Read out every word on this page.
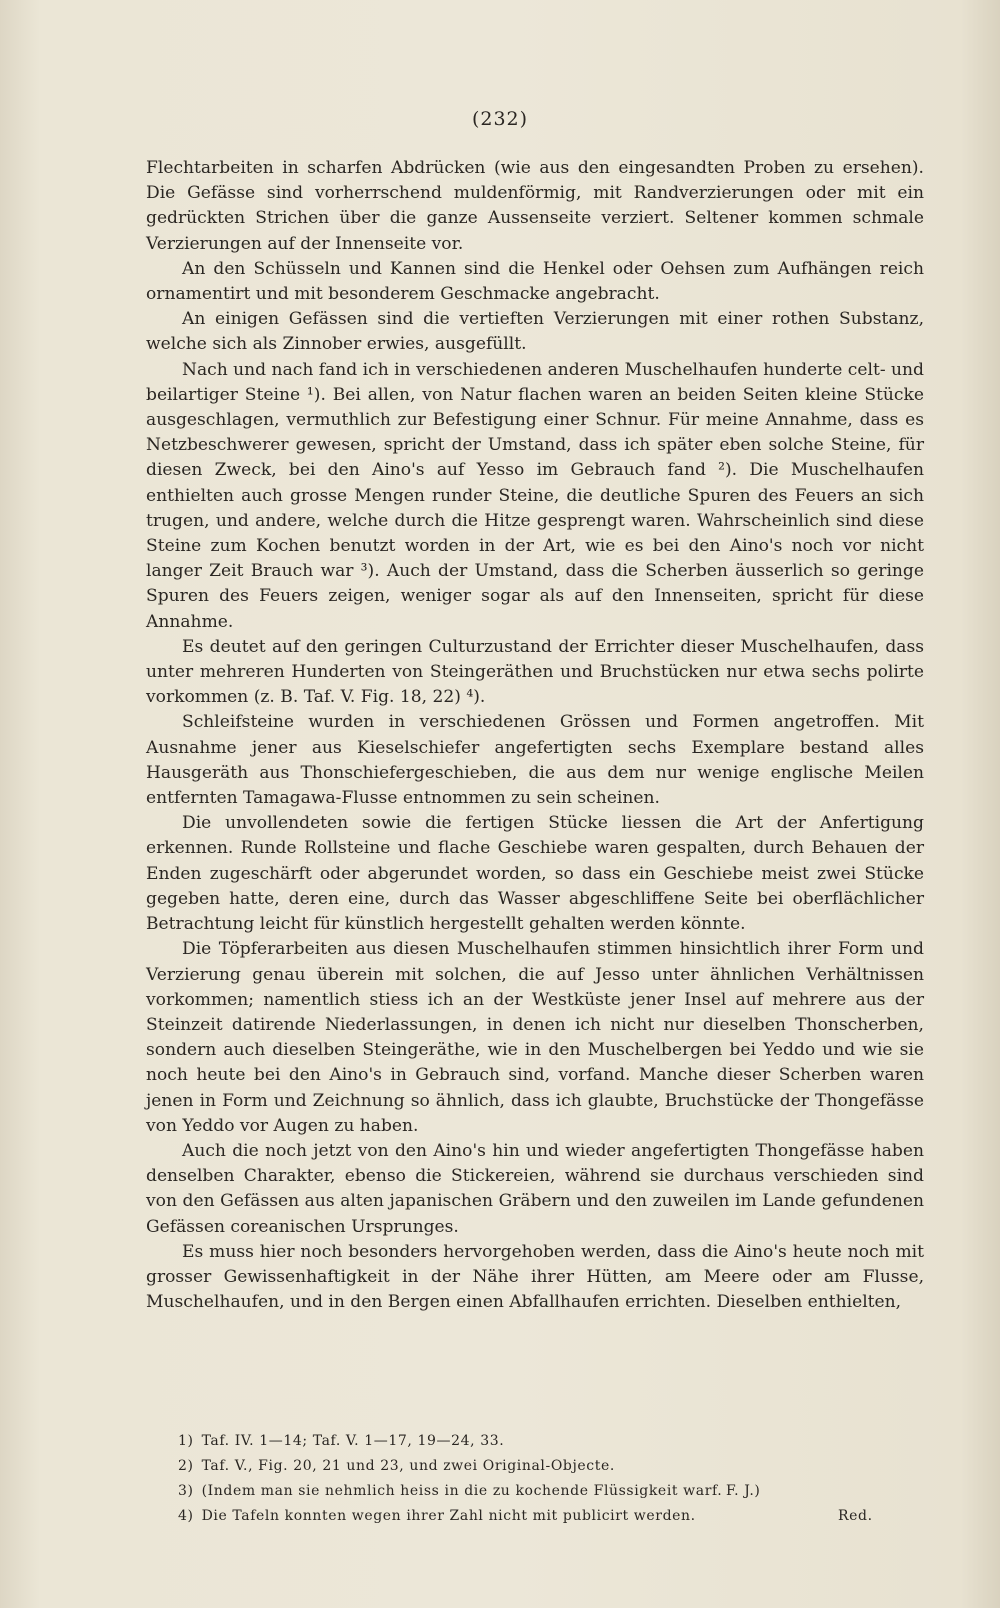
(232)

Flechtarbeiten in scharfen Abdrücken (wie aus den eingesandten Proben zu ersehen). Die Gefässe sind vorherrschend muldenförmig, mit Randverzierungen oder mit ein gedrückten Strichen über die ganze Aussenseite verziert. Seltener kommen schmale Verzierungen auf der Innenseite vor.

An den Schüsseln und Kannen sind die Henkel oder Oehsen zum Aufhängen reich ornamentirt und mit besonderem Geschmacke angebracht.

An einigen Gefässen sind die vertieften Verzierungen mit einer rothen Substanz, welche sich als Zinnober erwies, ausgefüllt.

Nach und nach fand ich in verschiedenen anderen Muschelhaufen hunderte celt- und beilartiger Steine ¹). Bei allen, von Natur flachen waren an beiden Seiten kleine Stücke ausgeschlagen, vermuthlich zur Befestigung einer Schnur. Für meine Annahme, dass es Netzbeschwerer gewesen, spricht der Umstand, dass ich später eben solche Steine, für diesen Zweck, bei den Aino's auf Yesso im Gebrauch fand ²). Die Muschelhaufen enthielten auch grosse Mengen runder Steine, die deutliche Spuren des Feuers an sich trugen, und andere, welche durch die Hitze gesprengt waren. Wahrscheinlich sind diese Steine zum Kochen benutzt worden in der Art, wie es bei den Aino's noch vor nicht langer Zeit Brauch war ³). Auch der Umstand, dass die Scherben äusserlich so geringe Spuren des Feuers zeigen, weniger sogar als auf den Innenseiten, spricht für diese Annahme.

Es deutet auf den geringen Culturzustand der Errichter dieser Muschelhaufen, dass unter mehreren Hunderten von Steingeräthen und Bruchstücken nur etwa sechs polirte vorkommen (z. B. Taf. V. Fig. 18, 22) ⁴).

Schleifsteine wurden in verschiedenen Grössen und Formen angetroffen. Mit Ausnahme jener aus Kieselschiefer angefertigten sechs Exemplare bestand alles Hausgeräth aus Thonschiefergeschieben, die aus dem nur wenige englische Meilen entfernten Tamagawa-Flusse entnommen zu sein scheinen.

Die unvollendeten sowie die fertigen Stücke liessen die Art der Anfertigung erkennen. Runde Rollsteine und flache Geschiebe waren gespalten, durch Behauen der Enden zugeschärft oder abgerundet worden, so dass ein Geschiebe meist zwei Stücke gegeben hatte, deren eine, durch das Wasser abgeschliffene Seite bei oberflächlicher Betrachtung leicht für künstlich hergestellt gehalten werden könnte.

Die Töpferarbeiten aus diesen Muschelhaufen stimmen hinsichtlich ihrer Form und Verzierung genau überein mit solchen, die auf Jesso unter ähnlichen Verhältnissen vorkommen; namentlich stiess ich an der Westküste jener Insel auf mehrere aus der Steinzeit datirende Niederlassungen, in denen ich nicht nur dieselben Thonscherben, sondern auch dieselben Steingeräthe, wie in den Muschelbergen bei Yeddo und wie sie noch heute bei den Aino's in Gebrauch sind, vorfand. Manche dieser Scherben waren jenen in Form und Zeichnung so ähnlich, dass ich glaubte, Bruchstücke der Thongefässe von Yeddo vor Augen zu haben.

Auch die noch jetzt von den Aino's hin und wieder angefertigten Thongefässe haben denselben Charakter, ebenso die Stickereien, während sie durchaus verschieden sind von den Gefässen aus alten japanischen Gräbern und den zuweilen im Lande gefundenen Gefässen coreanischen Ursprunges.

Es muss hier noch besonders hervorgehoben werden, dass die Aino's heute noch mit grosser Gewissenhaftigkeit in der Nähe ihrer Hütten, am Meere oder am Flusse, Muschelhaufen, und in den Bergen einen Abfallhaufen errichten. Dieselben enthielten,

1) Taf. IV. 1—14; Taf. V. 1—17, 19—24, 33.
2) Taf. V., Fig. 20, 21 und 23, und zwei Original-Objecte.
3) (Indem man sie nehmlich heiss in die zu kochende Flüssigkeit warf. F. J.)
4) Die Tafeln konnten wegen ihrer Zahl nicht mit publicirt werden.	Red.
